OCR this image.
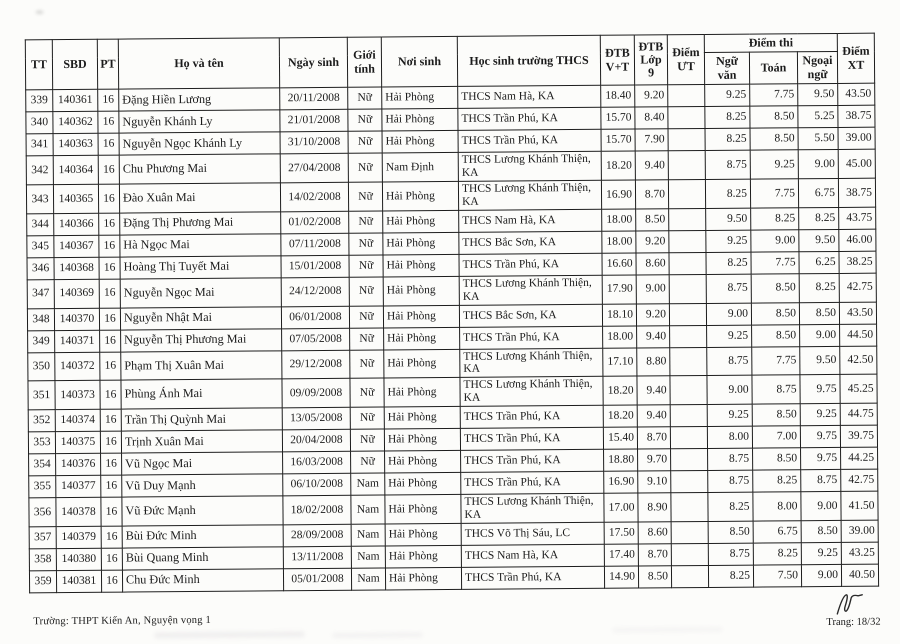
TT	SBD	PT	Họ và tên	Ngày sinh	Giới tính	Nơi sinh	Học sinh trường THCS	ĐTB V+T	ĐTB Lớp 9	Điểm ƯT	Điểm thi			Điểm XT
											Ngữ văn	Toán	Ngoại ngữ	
339	140361	16	Đặng Hiền Lương	20/11/2008	Nữ	Hải Phòng	THCS Nam Hà, KA	18.40	9.20		9.25	7.75	9.50	43.50
340	140362	16	Nguyễn Khánh Ly	21/01/2008	Nữ	Hải Phòng	THCS Trần Phú, KA	15.70	8.40		8.25	8.50	5.25	38.75
341	140363	16	Nguyễn Ngọc Khánh Ly	31/10/2008	Nữ	Hải Phòng	THCS Trần Phú, KA	15.70	7.90		8.25	8.50	5.50	39.00
342	140364	16	Chu Phương Mai	27/04/2008	Nữ	Nam Định	THCS Lương Khánh Thiện, KA	18.20	9.40		8.75	9.25	9.00	45.00
343	140365	16	Đào Xuân Mai	14/02/2008	Nữ	Hải Phòng	THCS Lương Khánh Thiện, KA	16.90	8.70		8.25	7.75	6.75	38.75
344	140366	16	Đặng Thị Phương Mai	01/02/2008	Nữ	Hải Phòng	THCS Nam Hà, KA	18.00	8.50		9.50	8.25	8.25	43.75
345	140367	16	Hà Ngọc Mai	07/11/2008	Nữ	Hải Phòng	THCS Bắc Sơn, KA	18.00	9.20		9.25	9.00	9.50	46.00
346	140368	16	Hoàng Thị Tuyết Mai	15/01/2008	Nữ	Hải Phòng	THCS Trần Phú, KA	16.60	8.60		8.25	7.75	6.25	38.25
347	140369	16	Nguyễn Ngọc Mai	24/12/2008	Nữ	Hải Phòng	THCS Lương Khánh Thiện, KA	17.90	9.00		8.75	8.50	8.25	42.75
348	140370	16	Nguyễn Nhật Mai	06/01/2008	Nữ	Hải Phòng	THCS Bắc Sơn, KA	18.10	9.20		9.00	8.50	8.50	43.50
349	140371	16	Nguyễn Thị Phương Mai	07/05/2008	Nữ	Hải Phòng	THCS Trần Phú, KA	18.00	9.40		9.25	8.50	9.00	44.50
350	140372	16	Phạm Thị Xuân Mai	29/12/2008	Nữ	Hải Phòng	THCS Lương Khánh Thiện, KA	17.10	8.80		8.75	7.75	9.50	42.50
351	140373	16	Phùng Ánh Mai	09/09/2008	Nữ	Hải Phòng	THCS Lương Khánh Thiện, KA	18.20	9.40		9.00	8.75	9.75	45.25
352	140374	16	Trần Thị Quỳnh Mai	13/05/2008	Nữ	Hải Phòng	THCS Trần Phú, KA	18.20	9.40		9.25	8.50	9.25	44.75
353	140375	16	Trịnh Xuân Mai	20/04/2008	Nữ	Hải Phòng	THCS Trần Phú, KA	15.40	8.70		8.00	7.00	9.75	39.75
354	140376	16	Vũ Ngọc Mai	16/03/2008	Nữ	Hải Phòng	THCS Trần Phú, KA	18.80	9.70		8.75	8.50	9.75	44.25
355	140377	16	Vũ Duy Mạnh	06/10/2008	Nam	Hải Phòng	THCS Trần Phú, KA	16.90	9.10		8.75	8.25	8.75	42.75
356	140378	16	Vũ Đức Mạnh	18/02/2008	Nam	Hải Phòng	THCS Lương Khánh Thiện, KA	17.00	8.90		8.25	8.00	9.00	41.50
357	140379	16	Bùi Đức Minh	28/09/2008	Nam	Hải Phòng	THCS Võ Thị Sáu, LC	17.50	8.60		8.50	6.75	8.50	39.00
358	140380	16	Bùi Quang Minh	13/11/2008	Nam	Hải Phòng	THCS Nam Hà, KA	17.40	8.70		8.75	8.25	9.25	43.25
359	140381	16	Chu Đức Minh	05/01/2008	Nam	Hải Phòng	THCS Trần Phú, KA	14.90	8.50		8.25	7.50	9.00	40.50
Trường: THPT Kiến An, Nguyện vọng 1	Trang: 18/32
